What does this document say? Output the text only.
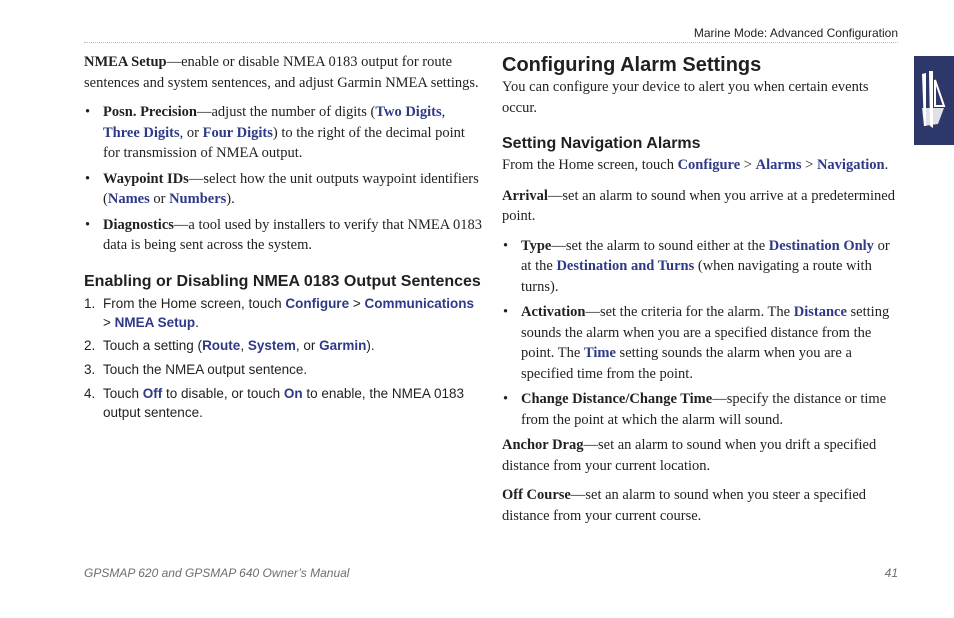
Marine Mode: Advanced Configuration

NMEA Setup—enable or disable NMEA 0183 output for route sentences and system sentences, and adjust Garmin NMEA settings.

• Posn. Precision—adjust the number of digits (Two Digits, Three Digits, or Four Digits) to the right of the decimal point for transmission of NMEA output.
• Waypoint IDs—select how the unit outputs waypoint identifiers (Names or Numbers).
• Diagnostics—a tool used by installers to verify that NMEA 0183 data is being sent across the system.
Enabling or Disabling NMEA 0183 Output Sentences
1. From the Home screen, touch Configure > Communications > NMEA Setup.
2. Touch a setting (Route, System, or Garmin).
3. Touch the NMEA output sentence.
4. Touch Off to disable, or touch On to enable, the NMEA 0183 output sentence.
Configuring Alarm Settings

You can configure your device to alert you when certain events occur.

Setting Navigation Alarms

From the Home screen, touch Configure > Alarms > Navigation.

Arrival—set an alarm to sound when you arrive at a predetermined point.

• Type—set the alarm to sound either at the Destination Only or at the Destination and Turns (when navigating a route with turns).
• Activation—set the criteria for the alarm. The Distance setting sounds the alarm when you are a specified distance from the point. The Time setting sounds the alarm when you are a specified time from the point.
• Change Distance/Change Time—specify the distance or time from the point at which the alarm will sound.

Anchor Drag—set an alarm to sound when you drift a specified distance from your current location.

Off Course—set an alarm to sound when you steer a specified distance from your current course.

GPSMAP 620 and GPSMAP 640 Owner’s Manual	41
